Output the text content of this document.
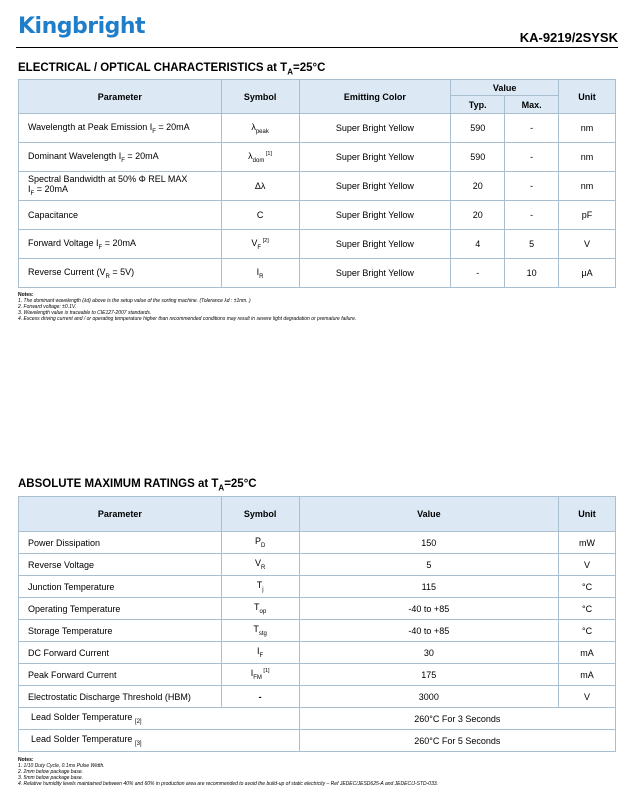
Kingbright	KA-9219/2SYSK
ELECTRICAL / OPTICAL CHARACTERISTICS at $T_A=25^\circ C$
Parameter	Symbol	Emitting Color	Value		Unit
			Typ.	Max.	
Wavelength at Peak Emission $I_F = 20mA$	$\lambda_{peak}$	Super Bright Yellow	590	-	nm
Dominant Wavelength $I_F = 20mA$	$\lambda_{dom}$ [1]	Super Bright Yellow	590	-	nm
Spectral Bandwidth at 50% Φ REL MAX
$I_F = 20mA$	Δλ	Super Bright Yellow	20	-	nm
Capacitance	C	Super Bright Yellow	20	-	pF
Forward Voltage $I_F = 20mA$	$V_F$ [2]	Super Bright Yellow	4	5	V
Reverse Current $(V_R = 5V)$	$I_R$	Super Bright Yellow	-	10	μA
Notes:
1. The dominant wavelength (λd) above is the setup value of the sorting machine. (Tolerance λd : ±1nm. )
2. Forward voltage: ±0.1V.
3. Wavelength value is traceable to CIE127-2007 standards.
4. Excess driving current and / or operating temperature higher than recommended conditions may result in severe light degradation or premature failure.
ABSOLUTE MAXIMUM RATINGS at $T_A=25^\circ C$
Parameter	Symbol	Value	Unit
Power Dissipation	$P_D$	150	mW
Reverse Voltage	$V_R$	5	V
Junction Temperature	$T_j$	115	°C
Operating Temperature	$T_{op}$	-40 to +85	°C
Storage Temperature	$T_{stg}$	-40 to +85	°C
DC Forward Current	$I_F$	30	mA
Peak Forward Current	$I_{FM}$ [1]	175	mA
Electrostatic Discharge Threshold (HBM)	-	3000	V
Lead Solder Temperature $_{[2]}$		260°C For 3 Seconds	
Lead Solder Temperature $_{[3]}$		260°C For 5 Seconds	
Notes:
1. 1/10 Duty Cycle, 0.1ms Pulse Width.
2. 2mm below package base.
3. 5mm below package base.
4. Relative humidity levels maintained between 40% and 60% in production area are recommended to avoid the build-up of static electricity – Ref JEDEC/JESD625-A and JEDEC/J-STD-033.
